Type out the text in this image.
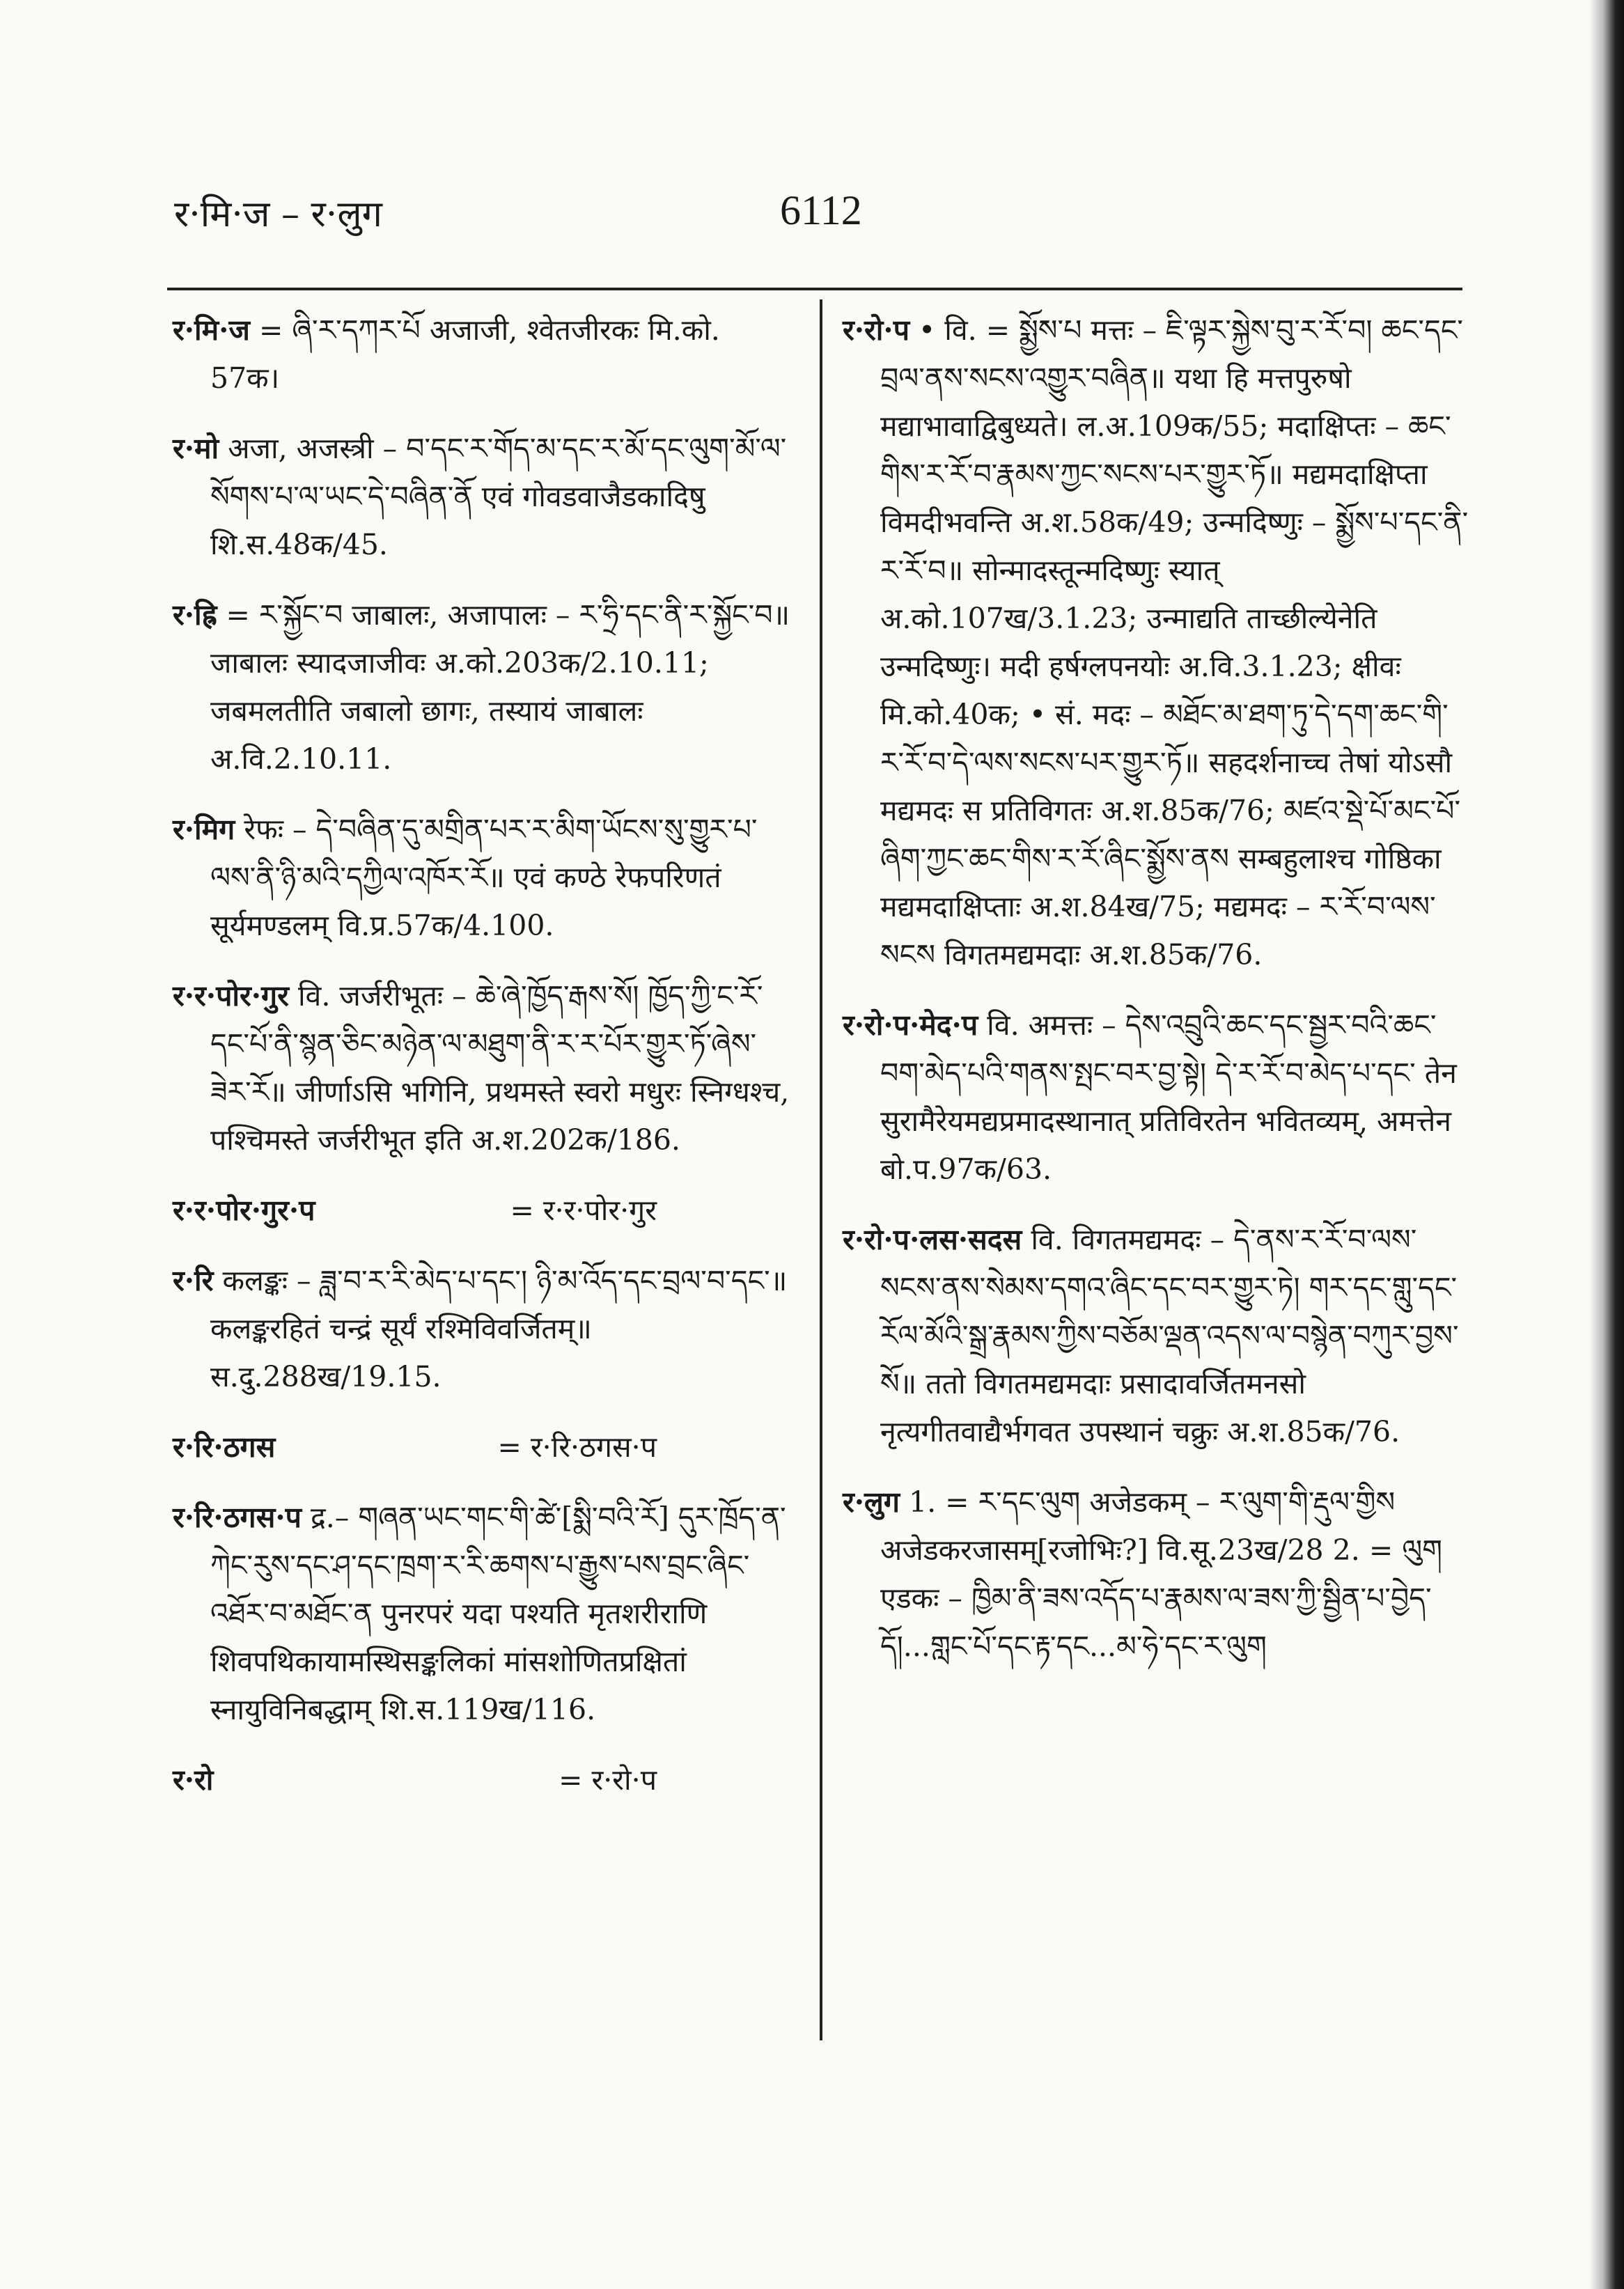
र·मि·ज – र·लुग	6112

र·मि·ज = ཞི་ར་དཀར་པོ अजाजी, श्वेतजीरकः मि.को. 57क।

र·मो अजा, अजस्त्री – བ་དང་ར་གོད་མ་དང་ར་མོ་དང་ལུག་མོ་ལ་སོགས་པ་ལ་ཡང་དེ་བཞིན་ནོ एवं गोवडवाजैडकादिषु शि.स.48क/45.

र·ह्रि = ར་སྐྱོང་བ जाबालः, अजापालः – ར་ཧྲི་དང་ནི་ར་སྐྱོང་བ॥ जाबालः स्यादजाजीवः अ.को.203क/2.10.11; जबमलतीति जबालो छागः, तस्यायं जाबालः अ.वि.2.10.11.

र·मिग रेफः – དེ་བཞིན་དུ་མགྲིན་པར་ར་མིག་ཡོངས་སུ་གྱུར་པ་ལས་ནི་ཉི་མའི་དཀྱིལ་འཁོར་རོ॥ एवं कण्ठे रेफपरिणतं सूर्यमण्डलम् वि.प्र.57क/4.100.

र·र·पोर·गुर वि. जर्जरीभूतः – ཆེ་ཞེ་ཁྱོད་རྒས་སོ། ཁྱོད་ཀྱི་ང་རོ་དང་པོ་ནི་སྙན་ཅིང་མཉེན་ལ་མཐུག་ནི་ར་ར་པོར་གྱུར་ཏོ་ཞེས་ཟེར་རོ॥ जीर्णाऽसि भगिनि, प्रथमस्ते स्वरो मधुरः स्निग्धश्च, पश्चिमस्ते जर्जरीभूत इति अ.श.202क/186.

र·र·पोर·गुर·प	= र·र·पोर·गुर

र·रि कलङ्कः – ཟླ་བ་ར་རི་མེད་པ་དང་། ཉི་མ་འོད་དང་བྲལ་བ་དང་॥ कलङ्करहितं चन्द्रं सूर्यं रश्मिविवर्जितम्॥ स.दु.288ख/19.15.

र·रि·ठगस	= र·रि·ठगस·प

र·रि·ठगस·प द्र.– གཞན་ཡང་གང་གི་ཚེ་[སྨི་བའི་རོ] དུར་ཁྲོད་ན་ཀེང་རུས་དང་ཤ་དང་ཁྲག་ར་རི་ཆགས་པ་རྒྱུས་པས་བྲང་ཞིང་འཐོར་བ་མཐོང་ན पुनरपरं यदा पश्यति मृतशरीराणि शिवपथिकायामस्थिसङ्कलिकां मांसशोणितप्रक्षितां स्नायुविनिबद्धाम् शि.स.119ख/116.

र·रो	= र·रो·प

र·रो·प • वि. = སྨྱོས་པ मत्तः – ཇི་ལྟར་སྐྱེས་བུ་ར་རོ་བ། ཆང་དང་བྲལ་ནས་སངས་འགྱུར་བཞིན॥ यथा हि मत्तपुरुषो मद्याभावाद्विबुध्यते। ल.अ.109क/55; मदाक्षिप्तः – ཆང་གིས་ར་རོ་བ་རྣམས་ཀྱང་སངས་པར་གྱུར་ཏོ॥ मद्यमदाक्षिप्ता विमदीभवन्ति अ.श.58क/49; उन्मदिष्णुः – སྨྱོས་པ་དང་ནི་ར་རོ་བ॥ सोन्मादस्तून्मदिष्णुः स्यात् अ.को.107ख/3.1.23; उन्माद्यति ताच्छील्येनेति उन्मदिष्णुः। मदी हर्षग्लपनयोः अ.वि.3.1.23; क्षीवः मि.को.40क; • सं. मदः – མཐོང་མ་ཐག་ཏུ་དེ་དག་ཆང་གི་ར་རོ་བ་དེ་ལས་སངས་པར་གྱུར་ཏོ॥ सहदर्शनाच्च तेषां योऽसौ मद्यमदः स प्रतिविगतः अ.श.85क/76; མཛའ་སྡེ་པོ་མང་པོ་ཞིག་ཀྱང་ཆང་གིས་ར་རོ་ཞིང་སྨྱོས་ནས सम्बहुलाश्च गोष्ठिका मद्यमदाक्षिप्ताः अ.श.84ख/75; मद्यमदः – ར་རོ་བ་ལས་སངས विगतमद्यमदाः अ.श.85क/76.

र·रो·प·मेद·प वि. अमत्तः – དེས་འབྲུའི་ཆང་དང་སྦྱར་བའི་ཆང་བག་མེད་པའི་གནས་སྤང་བར་བྱ་སྟེ། དེ་ར་རོ་བ་མེད་པ་དང་ तेन सुरामैरेयमद्यप्रमादस्थानात् प्रतिविरतेन भवितव्यम्, अमत्तेन बो.प.97क/63.

र·रो·प·लस·सदस वि. विगतमद्यमदः – དེ་ནས་ར་རོ་བ་ལས་སངས་ནས་སེམས་དགའ་ཞིང་དང་བར་གྱུར་ཏེ། གར་དང་གླུ་དང་རོལ་མོའི་སྒྲ་རྣམས་ཀྱིས་བཅོམ་ལྡན་འདས་ལ་བསྙེན་བཀུར་བྱས་སོ॥ ततो विगतमद्यमदाः प्रसादावर्जितमनसो नृत्यगीतवाद्यैर्भगवत उपस्थानं चक्रुः अ.श.85क/76.

र·लुग 1. = ར་དང་ལུག अजेडकम् – ར་ལུག་གི་རྡུལ་གྱིས अजेडकरजासम्[रजोभिः?] वि.सू.23ख/28 2. = ལུག एडकः – ཁྱིམ་ནི་ཟས་འདོད་པ་རྣམས་ལ་ཟས་ཀྱི་སྦྱིན་པ་བྱེད་དོ།...གླང་པོ་དང་རྟ་དང...མ་ཧེ་དང་ར་ལུག
